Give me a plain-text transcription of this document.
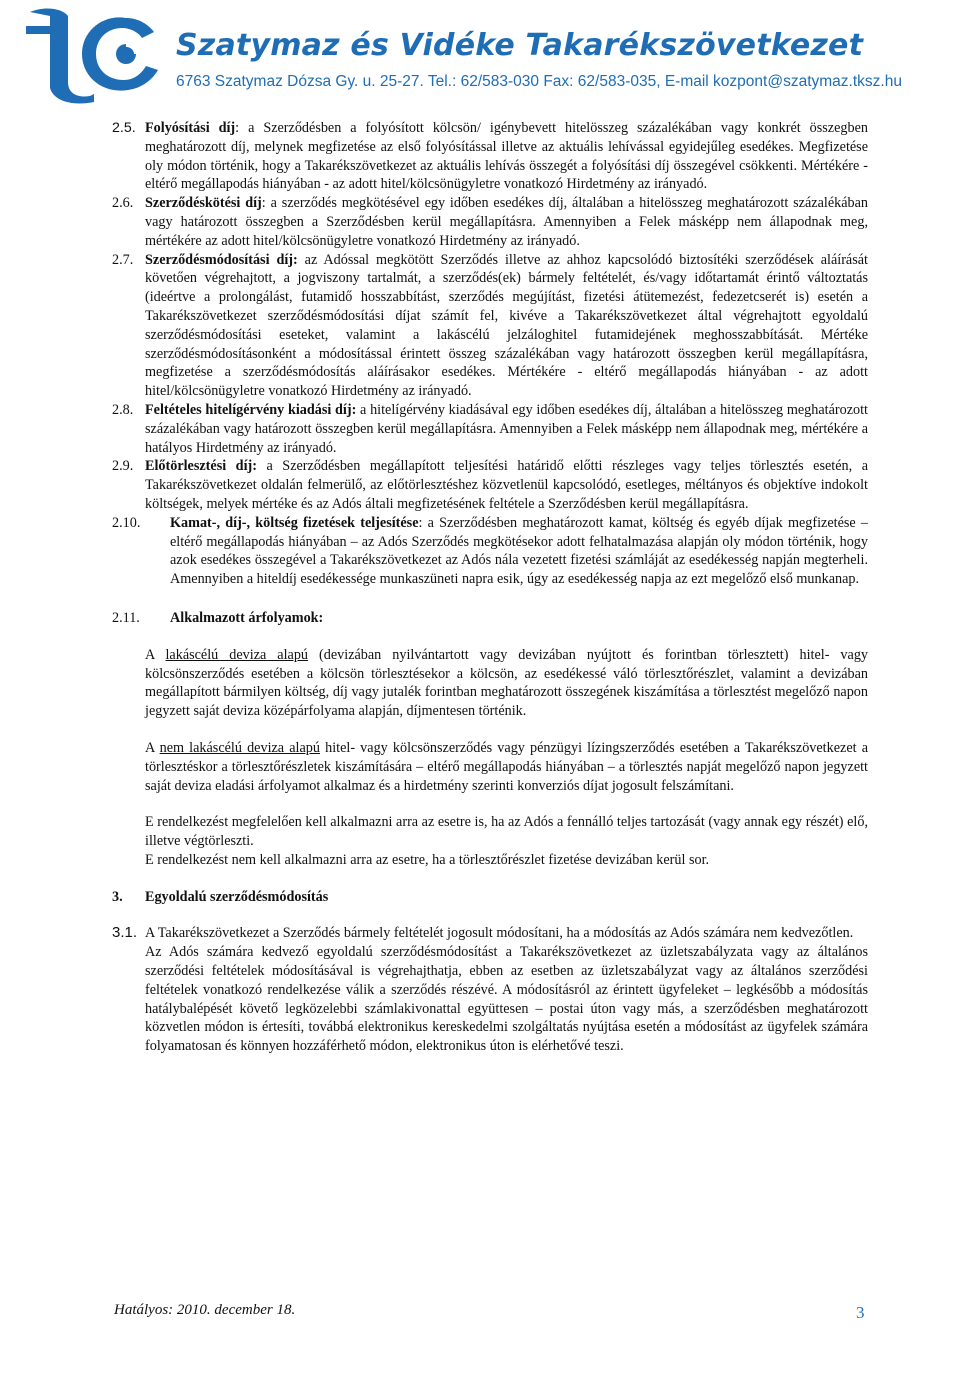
Szatymaz és Vidéke Takarékszövetkezet
6763 Szatymaz Dózsa Gy. u. 25-27. Tel.: 62/583-030 Fax: 62/583-035, E-mail kozpont@szatymaz.tksz.hu
2.5. Folyósítási díj: a Szerződésben a folyósított kölcsön/ igénybevett hitelösszeg százalékában vagy konkrét összegben meghatározott díj, melynek megfizetése az első folyósítással illetve az aktuális lehívással egyidejűleg esedékes. Megfizetése oly módon történik, hogy a Takarékszövetkezet az aktuális lehívás összegét a folyósítási díj összegével csökkenti. Mértékére - eltérő megállapodás hiányában - az adott hitel/kölcsönügyletre vonatkozó Hirdetmény az irányadó.
2.6. Szerződéskötési díj: a szerződés megkötésével egy időben esedékes díj, általában a hitelösszeg meghatározott százalékában vagy határozott összegben a Szerződésben kerül megállapításra. Amennyiben a Felek másképp nem állapodnak meg, mértékére az adott hitel/kölcsönügyletre vonatkozó Hirdetmény az irányadó.
2.7. Szerződésmódosítási díj: az Adóssal megkötött Szerződés illetve az ahhoz kapcsolódó biztosítéki szerződések aláírását követően végrehajtott, a jogviszony tartalmát, a szerződés(ek) bármely feltételét, és/vagy időtartamát érintő változtatás (ideértve a prolongálást, futamidő hosszabbítást, szerződés megújítást, fizetési átütemezést, fedezetcserét is) esetén a Takarékszövetkezet szerződésmódosítási díjat számít fel, kivéve a Takarékszövetkezet által végrehajtott egyoldalú szerződésmódosítási eseteket, valamint a lakáscélú jelzáloghitel futamidejének meghosszabbítását. Mértéke szerződésmódosításonként a módosítással érintett összeg százalékában vagy határozott összegben kerül megállapításra, megfizetése a szerződésmódosítás aláírásakor esedékes. Mértékére - eltérő megállapodás hiányában - az adott hitel/kölcsönügyletre vonatkozó Hirdetmény az irányadó.
2.8. Feltételes hitelígérvény kiadási díj: a hitelígérvény kiadásával egy időben esedékes díj, általában a hitelösszeg meghatározott százalékában vagy határozott összegben kerül megállapításra. Amennyiben a Felek másképp nem állapodnak meg, mértékére a hatályos Hirdetmény az irányadó.
2.9. Előtörlesztési díj: a Szerződésben megállapított teljesítési határidő előtti részleges vagy teljes törlesztés esetén, a Takarékszövetkezet oldalán felmerülő, az előtörlesztéshez közvetlenül kapcsolódó, esetleges, méltányos és objektíve indokolt költségek, melyek mértéke és az Adós általi megfizetésének feltétele a Szerződésben kerül megállapításra.
2.10.	Kamat-, díj-, költség fizetések teljesítése: a Szerződésben meghatározott kamat, költség és egyéb díjak megfizetése – eltérő megállapodás hiányában – az Adós Szerződés megkötésekor adott felhatalmazása alapján oly módon történik, hogy azok esedékes összegével a Takarékszövetkezet az Adós nála vezetett fizetési számláját az esedékesség napján megterheli. Amennyiben a hiteldíj esedékessége munkaszüneti napra esik, úgy az esedékesség napja az ezt megelőző első munkanap.
2.11.	Alkalmazott árfolyamok:
A lakáscélú deviza alapú (devizában nyilvántartott vagy devizában nyújtott és forintban törlesztett) hitel- vagy kölcsönszerződés esetében a kölcsön törlesztésekor a kölcsön, az esedékessé váló törlesztőrészlet, valamint a devizában megállapított bármilyen költség, díj vagy jutalék forintban meghatározott összegének kiszámítása a törlesztést megelőző napon jegyzett saját deviza középárfolyama alapján, díjmentesen történik.
A nem lakáscélú deviza alapú hitel- vagy kölcsönszerződés vagy pénzügyi lízingszerződés esetében a Takarékszövetkezet a törlesztéskor a törlesztőrészletek kiszámítására – eltérő megállapodás hiányában – a törlesztés napját megelőző napon jegyzett saját deviza eladási árfolyamot alkalmaz és a hirdetmény szerinti konverziós díjat jogosult felszámítani.
E rendelkezést megfelelően kell alkalmazni arra az esetre is, ha az Adós a fennálló teljes tartozását (vagy annak egy részét) elő, illetve végtörleszti.
E rendelkezést nem kell alkalmazni arra az esetre, ha a törlesztőrészlet fizetése devizában kerül sor.
3.	Egyoldalú szerződésmódosítás
3.1. A Takarékszövetkezet a Szerződés bármely feltételét jogosult módosítani, ha a módosítás az Adós számára nem kedvezőtlen.
Az Adós számára kedvező egyoldalú szerződésmódosítást a Takarékszövetkezet az üzletszabályzata vagy az általános szerződési feltételek módosításával is végrehajthatja, ebben az esetben az üzletszabályzat vagy az általános szerződési feltételek vonatkozó rendelkezése válik a szerződés részévé. A módosításról az érintett ügyfeleket – legkésőbb a módosítás hatálybalépését követő legközelebbi számlakivonattal együttesen – postai úton vagy más, a szerződésben meghatározott közvetlen módon is értesíti, továbbá elektronikus kereskedelmi szolgáltatás nyújtása esetén a módosítást az ügyfelek számára folyamatosan és könnyen hozzáférhető módon, elektronikus úton is elérhetővé teszi.
Hatályos: 2010. december 18.	3
